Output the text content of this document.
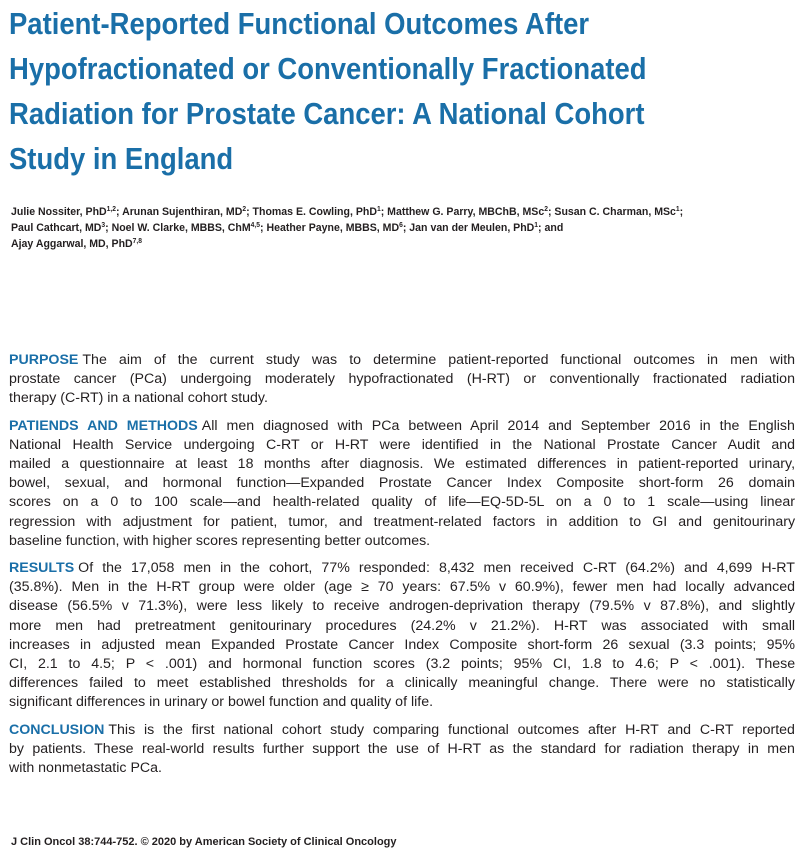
Patient-Reported Functional Outcomes After
Hypofractionated or Conventionally Fractionated
Radiation for Prostate Cancer: A National Cohort
Study in England
Julie Nossiter, PhD$^{1,2}$; Arunan Sujenthiran, $MD^2$; Thomas E. Cowling, PhD$^1$; Matthew G. Parry, MBChB, MSc$^2$; Susan C. Charman, MSc$^1$;
Paul Cathcart, $MD^3$; Noel W. Clarke, MBBS, ChM$^{4,5}$; Heather Payne, MBBS, $MD^6$; Jan van der Meulen, PhD$^1$; and
Ajay Aggarwal, MD, PhD$^{7,8}$

PURPOSE The aim of the current study was to determine patient-reported functional outcomes in men with
prostate cancer (PCa) undergoing moderately hypofractionated (H-RT) or conventionally fractionated radiation
therapy (C-RT) in a national cohort study.

PATIENDS AND METHODS All men diagnosed with PCa between April 2014 and September 2016 in the English
National Health Service undergoing C-RT or H-RT were identified in the National Prostate Cancer Audit and
mailed a questionnaire at least 18 months after diagnosis. We estimated differences in patient-reported urinary,
bowel, sexual, and hormonal function—Expanded Prostate Cancer Index Composite short-form 26 domain
scores on a 0 to 100 scale—and health-related quality of life—EQ-5D-5L on a 0 to 1 scale—using linear
regression with adjustment for patient, tumor, and treatment-related factors in addition to GI and genitourinary
baseline function, with higher scores representing better outcomes.

RESULTS Of the 17,058 men in the cohort, 77% responded: 8,432 men received C-RT (64.2%) and 4,699 H-RT
(35.8%). Men in the H-RT group were older (age ≥ 70 years: 67.5% v 60.9%), fewer men had locally advanced
disease (56.5% v 71.3%), were less likely to receive androgen-deprivation therapy (79.5% v 87.8%), and slightly
more men had pretreatment genitourinary procedures (24.2% v 21.2%). H-RT was associated with small
increases in adjusted mean Expanded Prostate Cancer Index Composite short-form 26 sexual (3.3 points; 95%
CI, 2.1 to 4.5; P < .001) and hormonal function scores (3.2 points; 95% CI, 1.8 to 4.6; P < .001). These
differences failed to meet established thresholds for a clinically meaningful change. There were no statistically
significant differences in urinary or bowel function and quality of life.

CONCLUSION This is the first national cohort study comparing functional outcomes after H-RT and C-RT reported
by patients. These real-world results further support the use of H-RT as the standard for radiation therapy in men
with nonmetastatic PCa.

J Clin Oncol 38:744-752. © 2020 by American Society of Clinical Oncology
